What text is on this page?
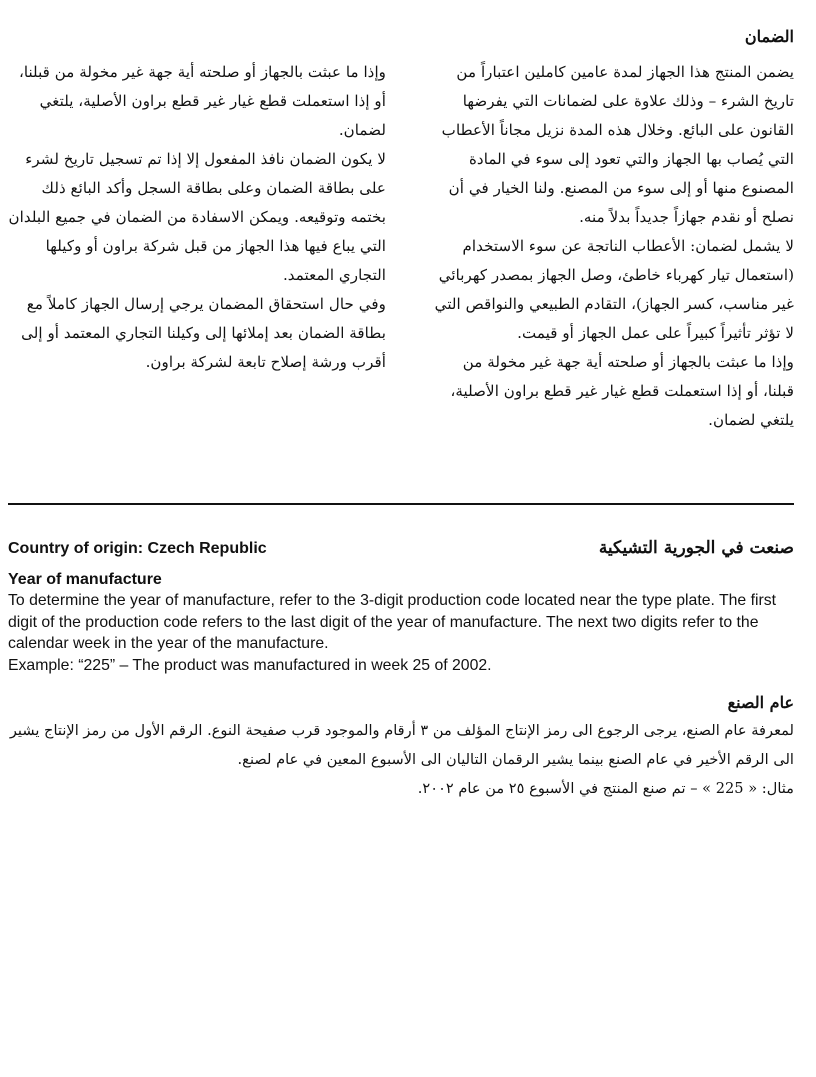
الضمان

يضمن المنتج هذا الجهاز لمدة عامين كاملين اعتباراً من تاريخ الشرء – وذلك علاوة على لضمانات التي يفرضها القانون على البائع. وخلال هذه المدة نزيل مجاناً الأعطاب التي يُصاب بها الجهاز والتي تعود إلى سوء في المادة المصنوع منها أو إلى سوء من المصنع. ولنا الخيار في أن نصلح أو نقدم جهازاً جديداً بدلاً منه.

لا يشمل لضمان: الأعطاب الناتجة عن سوء الاستخدام (استعمال تيار كهرباء خاطئ، وصل الجهاز بمصدر كهربائي غير مناسب، كسر الجهاز)، التقادم الطبيعي والنواقص التي لا تؤثر تأثيراً كبيراً على عمل الجهاز أو قيمت.

وإذا ما عبثت بالجهاز أو صلحته أية جهة غير مخولة من قبلنا، أو إذا استعملت قطع غيار غير قطع براون الأصلية، يلتغي لضمان.

وإذا ما عبثت بالجهاز أو صلحته أية جهة غير مخولة من قبلنا، أو إذا استعملت قطع غيار غير قطع براون الأصلية، يلتغي لضمان.

لا يكون الضمان نافذ المفعول إلا إذا تم تسجيل تاريخ لشرء على بطاقة الضمان وعلى بطاقة السجل وأكد البائع ذلك بختمه وتوقيعه. ويمكن الاسفادة من الضمان في جميع البلدان التي يباع فيها هذا الجهاز من قبل شركة براون أو وكيلها التجاري المعتمد.

وفي حال استحقاق المضمان يرجي إرسال الجهاز كاملاً مع بطاقة الضمان بعد إملائها إلى وكيلنا التجاري المعتمد أو إلى أقرب ورشة إصلاح تابعة لشركة براون.

Country of origin: Czech Republic	صنعت في الجورية التشيكية
Year of manufacture

To determine the year of manufacture, refer to the 3-digit production code located near the type plate. The first digit of the production code refers to the last digit of the year of manufacture. The next two digits refer to the calendar week in the year of the manufacture.

Example: “225” – The product was manufactured in week 25 of 2002.

عام الصنع

لمعرفة عام الصنع، يرجى الرجوع الى رمز الإنتاج المؤلف من ٣ أرقام والموجود قرب صفيحة النوع. الرقم الأول من رمز الإنتاج يشير الى الرقم الأخير في عام الصنع بينما يشير الرقمان التاليان الى الأسبوع المعين في عام لصنع.

مثال: « 225 » – تم صنع المنتج في الأسبوع ٢٥ من عام ٢٠٠٢.
